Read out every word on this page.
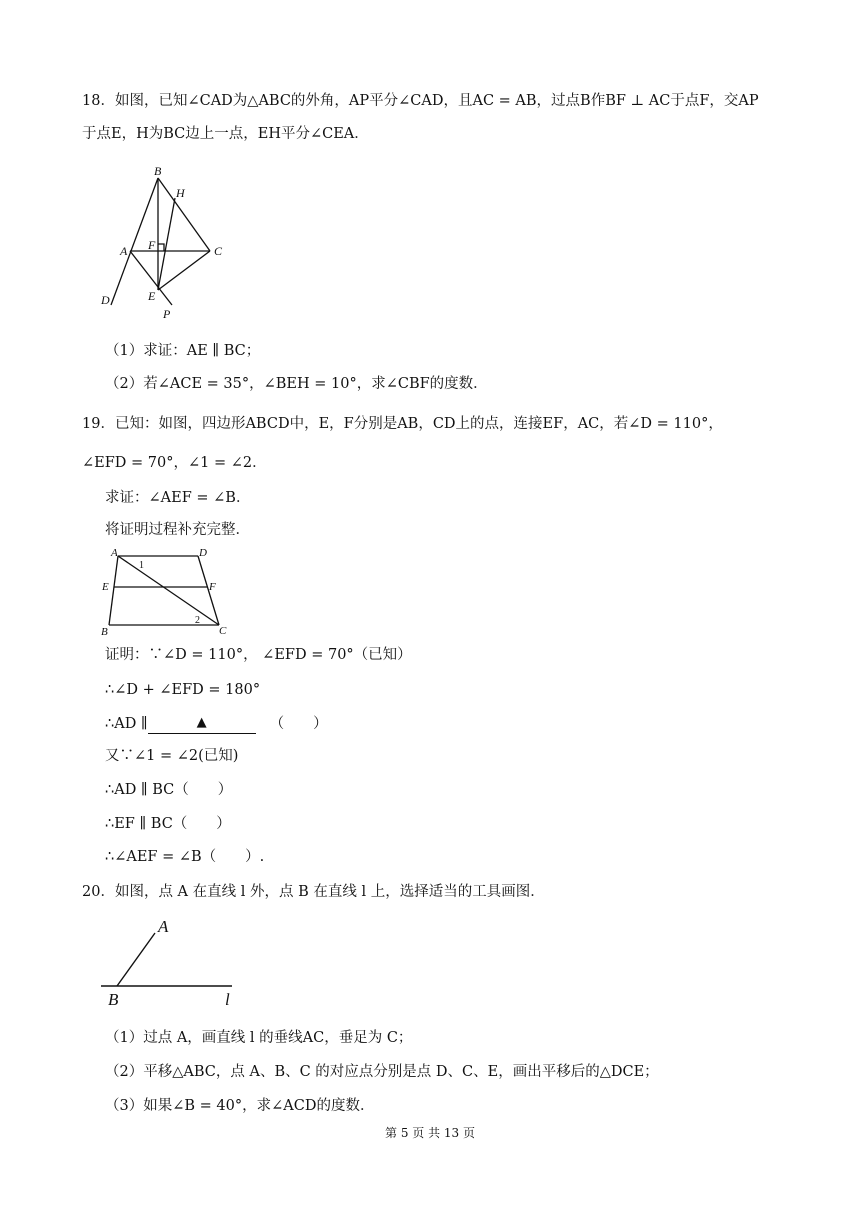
18．如图，已知∠CAD为△ABC的外角，AP平分∠CAD，且AC = AB，过点B作BF ⊥ AC于点F，交AP
于点E，H为BC边上一点，EH平分∠CEA．
B
H
A F	C
D	E
P
（1）求证：AE ∥ BC；
（2）若∠ACE = 35°，∠BEH = 10°，求∠CBF的度数．
19．已知：如图，四边形ABCD中，E，F分别是AB，CD上的点，连接EF，AC，若∠D = 110°，
∠EFD = 70°，∠1 = ∠2．
求证：∠AEF = ∠B．
将证明过程补充完整．
A	D
E	F
B	C
1
2
证明：∵∠D = 110°， ∠EFD = 70°（已知）
∴∠D + ∠EFD = 180°
∴AD ∥	▲	（　　）
又∵∠1 = ∠2(已知)
∴AD ∥ BC（　　）
∴EF ∥ BC（　　）
∴∠AEF = ∠B（　　）.
20．如图，点 A 在直线 l 外，点 B 在直线 l 上，选择适当的工具画图．
A
B	l
（1）过点 A，画直线 l 的垂线AC，垂足为 C；
（2）平移△ABC，点 A、B、C 的对应点分别是点 D、C、E，画出平移后的△DCE；
（3）如果∠B = 40°，求∠ACD的度数．
第 5 页 共 13 页
